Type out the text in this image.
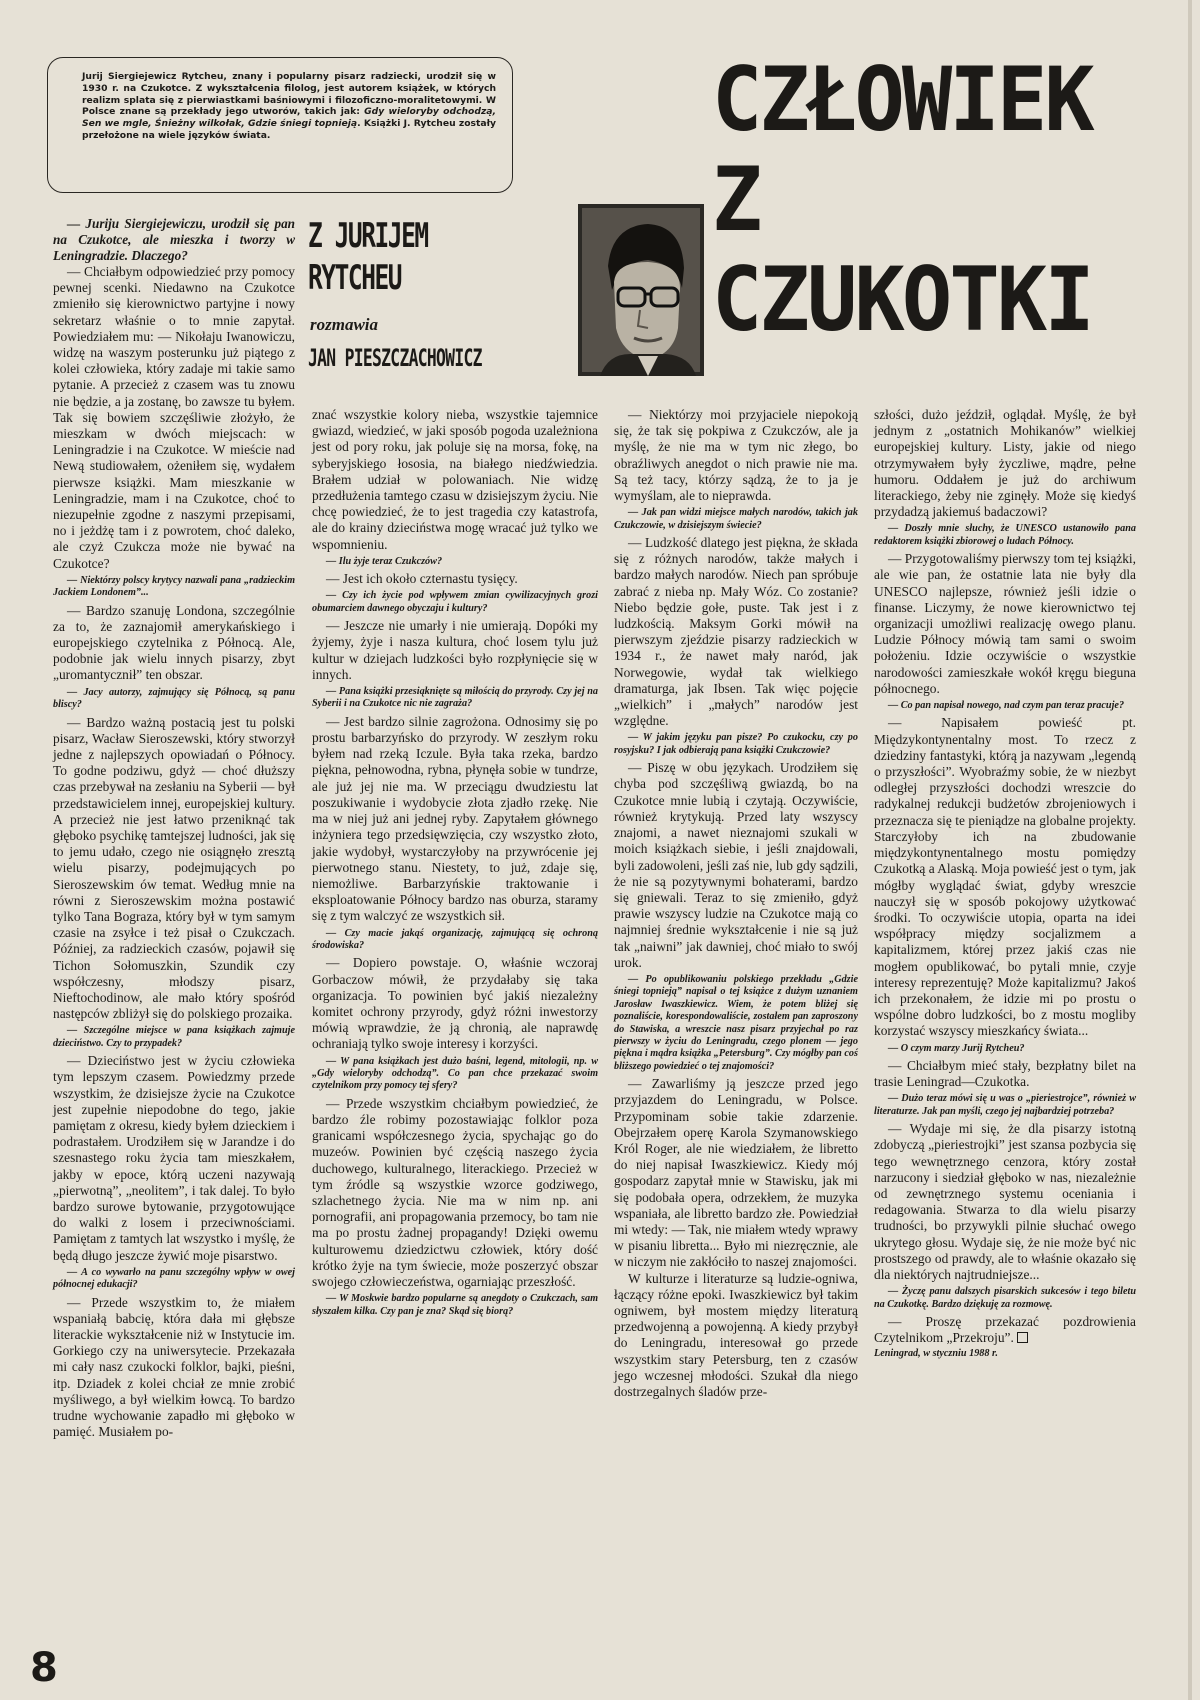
Jurij Siergiejewicz Rytcheu, znany i popularny pisarz radziecki, urodził się w 1930 r. na Czukotce. Z wykształcenia filolog, jest autorem książek, w których realizm splata się z pierwiastkami baśniowymi i filozoficzno-moralitetowymi. W Polsce znane są przekłady jego utworów, takich jak: Gdy wieloryby odchodzą, Sen we mgle, Śnieżny wilkołak, Gdzie śniegi topnieją. Książki J. Rytcheu zostały przełożone na wiele języków świata.	CZŁOWIEK
Z
CZUKOTKI
Z JURIJEM
RYTCHEU
rozmawia
JAN PIESZCZACHOWICZ

— Juriju Siergiejewiczu, urodził się pan na Czukotce, ale mieszka i tworzy w Leningradzie. Dlaczego?

— Chciałbym odpowiedzieć przy pomocy pewnej scenki. Niedawno na Czukotce zmieniło się kierownictwo partyjne i nowy sekretarz właśnie o to mnie zapytał. Powiedziałem mu: — Nikołaju Iwanowiczu, widzę na waszym posterunku już piątego z kolei człowieka, który zadaje mi takie samo pytanie. A przecież z czasem was tu znowu nie będzie, a ja zostanę, bo zawsze tu byłem. Tak się bowiem szczęśliwie złożyło, że mieszkam w dwóch miejscach: w Leningradzie i na Czukotce. W mieście nad Newą studiowałem, ożeniłem się, wydałem pierwsze książki. Mam mieszkanie w Leningradzie, mam i na Czukotce, choć to niezupełnie zgodne z naszymi przepisami, no i jeżdżę tam i z powrotem, choć daleko, ale czyż Czukcza może nie bywać na Czukotce?

— Niektórzy polscy krytycy nazwali pana „radzieckim Jackiem Londonem”...

— Bardzo szanuję Londona, szczególnie za to, że zaznajomił amerykańskiego i europejskiego czytelnika z Północą. Ale, podobnie jak wielu innych pisarzy, zbyt „uromantycznił” ten obszar.

— Jacy autorzy, zajmujący się Północą, są panu bliscy?

— Bardzo ważną postacią jest tu polski pisarz, Wacław Sieroszewski, który stworzył jedne z najlepszych opowiadań o Północy. To godne podziwu, gdyż — choć dłuższy czas przebywał na zesłaniu na Syberii — był przedstawicielem innej, europejskiej kultury. A przecież nie jest łatwo przeniknąć tak głęboko psychikę tamtejszej ludności, jak się to jemu udało, czego nie osiągnęło zresztą wielu pisarzy, podejmujących po Sieroszewskim ów temat. Według mnie na równi z Sieroszewskim można postawić tylko Tana Bograza, który był w tym samym czasie na zsyłce i też pisał o Czukczach. Później, za radzieckich czasów, pojawił się Tichon Sołomuszkin, Szundik czy współczesny, młodszy pisarz, Nieftochodinow, ale mało który spośród następców zbliżył się do polskiego prozaika.

— Szczególne miejsce w pana książkach zajmuje dzieciństwo. Czy to przypadek?

— Dzieciństwo jest w życiu człowieka tym lepszym czasem. Powiedzmy przede wszystkim, że dzisiejsze życie na Czukotce jest zupełnie niepodobne do tego, jakie pamiętam z okresu, kiedy byłem dzieckiem i podrastałem. Urodziłem się w Jarandze i do szesnastego roku życia tam mieszkałem, jakby w epoce, którą uczeni nazywają „pierwotną”, „neolitem”, i tak dalej. To było bardzo surowe bytowanie, przygotowujące do walki z losem i przeciwnościami. Pamiętam z tamtych lat wszystko i myślę, że będą długo jeszcze żywić moje pisarstwo.

— A co wywarło na panu szczególny wpływ w owej północnej edukacji?

— Przede wszystkim to, że miałem wspaniałą babcię, która dała mi głębsze literackie wykształcenie niż w Instytucie im. Gorkiego czy na uniwersytecie. Przekazała mi cały nasz czukocki folklor, bajki, pieśni, itp. Dziadek z kolei chciał ze mnie zrobić myśliwego, a był wielkim łowcą. To bardzo trudne wychowanie zapadło mi głęboko w pamięć. Musiałem po-

znać wszystkie kolory nieba, wszystkie tajemnice gwiazd, wiedzieć, w jaki sposób pogoda uzależniona jest od pory roku, jak poluje się na morsa, fokę, na syberyjskiego łososia, na białego niedźwiedzia. Brałem udział w polowaniach. Nie widzę przedłużenia tamtego czasu w dzisiejszym życiu. Nie chcę powiedzieć, że to jest tragedia czy katastrofa, ale do krainy dzieciństwa mogę wracać już tylko we wspomnieniu.

— Ilu żyje teraz Czukczów?

— Jest ich około czternastu tysięcy.

— Czy ich życie pod wpływem zmian cywilizacyjnych grozi obumarciem dawnego obyczaju i kultury?

— Jeszcze nie umarły i nie umierają. Dopóki my żyjemy, żyje i nasza kultura, choć losem tylu już kultur w dziejach ludzkości było rozpłynięcie się w innych.

— Pana książki przesiąknięte są miłością do przyrody. Czy jej na Syberii i na Czukotce nic nie zagraża?

— Jest bardzo silnie zagrożona. Odnosimy się po prostu barbarzyńsko do przyrody. W zeszłym roku byłem nad rzeką Iczule. Była taka rzeka, bardzo piękna, pełnowodna, rybna, płynęła sobie w tundrze, ale już jej nie ma. W przeciągu dwudziestu lat poszukiwanie i wydobycie złota zjadło rzekę. Nie ma w niej już ani jednej ryby. Zapytałem głównego inżyniera tego przedsięwzięcia, czy wszystko złoto, jakie wydobył, wystarczyłoby na przywrócenie jej pierwotnego stanu. Niestety, to już, zdaje się, niemożliwe. Barbarzyńskie traktowanie i eksploatowanie Północy bardzo nas oburza, staramy się z tym walczyć ze wszystkich sił.

— Czy macie jakąś organizację, zajmującą się ochroną środowiska?

— Dopiero powstaje. O, właśnie wczoraj Gorbaczow mówił, że przydałaby się taka organizacja. To powinien być jakiś niezależny komitet ochrony przyrody, gdyż różni inwestorzy mówią wprawdzie, że ją chronią, ale naprawdę ochraniają tylko swoje interesy i korzyści.

— W pana książkach jest dużo baśni, legend, mitologii, np. w „Gdy wieloryby odchodzą”. Co pan chce przekazać swoim czytelnikom przy pomocy tej sfery?

— Przede wszystkim chciałbym powiedzieć, że bardzo źle robimy pozostawiając folklor poza granicami współczesnego życia, spychając go do muzeów. Powinien być częścią naszego życia duchowego, kulturalnego, literackiego. Przecież w tym źródle są wszystkie wzorce godziwego, szlachetnego życia. Nie ma w nim np. ani pornografii, ani propagowania przemocy, bo tam nie ma po prostu żadnej propagandy! Dzięki owemu kulturowemu dziedzictwu człowiek, który dość krótko żyje na tym świecie, może poszerzyć obszar swojego człowieczeństwa, ogarniając przeszłość.

— W Moskwie bardzo popularne są anegdoty o Czukczach, sam słyszałem kilka. Czy pan je zna? Skąd się biorą?

— Niektórzy moi przyjaciele niepokoją się, że tak się pokpiwa z Czukczów, ale ja myślę, że nie ma w tym nic złego, bo obraźliwych anegdot o nich prawie nie ma. Są też tacy, którzy sądzą, że to ja je wymyślam, ale to nieprawda.

— Jak pan widzi miejsce małych narodów, takich jak Czukczowie, w dzisiejszym świecie?

— Ludzkość dlatego jest piękna, że składa się z różnych narodów, także małych i bardzo małych narodów. Niech pan spróbuje zabrać z nieba np. Mały Wóz. Co zostanie? Niebo będzie gołe, puste. Tak jest i z ludzkością. Maksym Gorki mówił na pierwszym zjeździe pisarzy radzieckich w 1934 r., że nawet mały naród, jak Norwegowie, wydał tak wielkiego dramaturga, jak Ibsen. Tak więc pojęcie „wielkich” i „małych” narodów jest względne.

— W jakim języku pan pisze? Po czukocku, czy po rosyjsku? I jak odbierają pana książki Czukczowie?

— Piszę w obu językach. Urodziłem się chyba pod szczęśliwą gwiazdą, bo na Czukotce mnie lubią i czytają. Oczywiście, również krytykują. Przed laty wszyscy znajomi, a nawet nieznajomi szukali w moich książkach siebie, i jeśli znajdowali, byli zadowoleni, jeśli zaś nie, lub gdy sądzili, że nie są pozytywnymi bohaterami, bardzo się gniewali. Teraz to się zmieniło, gdyż prawie wszyscy ludzie na Czukotce mają co najmniej średnie wykształcenie i nie są już tak „naiwni” jak dawniej, choć miało to swój urok.

— Po opublikowaniu polskiego przekładu „Gdzie śniegi topnieją” napisał o tej książce z dużym uznaniem Jarosław Iwaszkiewicz. Wiem, że potem bliżej się poznaliście, korespondowaliście, zostałem pan zaproszony do Stawiska, a wreszcie nasz pisarz przyjechał po raz pierwszy w życiu do Leningradu, czego plonem — jego piękna i mądra książka „Petersburg”. Czy mógłby pan coś bliższego powiedzieć o tej znajomości?

— Zawarliśmy ją jeszcze przed jego przyjazdem do Leningradu, w Polsce. Przypominam sobie takie zdarzenie. Obejrzałem operę Karola Szymanowskiego Król Roger, ale nie wiedziałem, że libretto do niej napisał Iwaszkiewicz. Kiedy mój gospodarz zapytał mnie w Stawisku, jak mi się podobała opera, odrzekłem, że muzyka wspaniała, ale libretto bardzo złe. Powiedział mi wtedy: — Tak, nie miałem wtedy wprawy w pisaniu libretta... Było mi niezręcznie, ale w niczym nie zakłóciło to naszej znajomości.

W kulturze i literaturze są ludzie-ogniwa, łączący różne epoki. Iwaszkiewicz był takim ogniwem, był mostem między literaturą przedwojenną a powojenną. A kiedy przybył do Leningradu, interesował go przede wszystkim stary Petersburg, ten z czasów jego wczesnej młodości. Szukał dla niego dostrzegalnych śladów prze-

szłości, dużo jeździł, oglądał. Myślę, że był jednym z „ostatnich Mohikanów” wielkiej europejskiej kultury. Listy, jakie od niego otrzymywałem były życzliwe, mądre, pełne humoru. Oddałem je już do archiwum literackiego, żeby nie zginęły. Może się kiedyś przydadzą jakiemuś badaczowi?

— Doszły mnie słuchy, że UNESCO ustanowiło pana redaktorem książki zbiorowej o ludach Północy.

— Przygotowaliśmy pierwszy tom tej książki, ale wie pan, że ostatnie lata nie były dla UNESCO najlepsze, również jeśli idzie o finanse. Liczymy, że nowe kierownictwo tej organizacji umożliwi realizację owego planu. Ludzie Północy mówią tam sami o swoim położeniu. Idzie oczywiście o wszystkie narodowości zamieszkałe wokół kręgu bieguna północnego.

— Co pan napisał nowego, nad czym pan teraz pracuje?

— Napisałem powieść pt. Międzykontynentalny most. To rzecz z dziedziny fantastyki, którą ja nazywam „legendą o przyszłości”. Wyobraźmy sobie, że w niezbyt odległej przyszłości dochodzi wreszcie do radykalnej redukcji budżetów zbrojeniowych i przeznacza się te pieniądze na globalne projekty. Starczyłoby ich na zbudowanie międzykontynentalnego mostu pomiędzy Czukotką a Alaską. Moja powieść jest o tym, jak mógłby wyglądać świat, gdyby wreszcie nauczył się w sposób pokojowy użytkować środki. To oczywiście utopia, oparta na idei współpracy między socjalizmem a kapitalizmem, której przez jakiś czas nie mogłem opublikować, bo pytali mnie, czyje interesy reprezentuję? Może kapitalizmu? Jakoś ich przekonałem, że idzie mi po prostu o wspólne dobro ludzkości, bo z mostu mogliby korzystać wszyscy mieszkańcy świata...

— O czym marzy Jurij Rytcheu?

— Chciałbym mieć stały, bezpłatny bilet na trasie Leningrad—Czukotka.

— Dużo teraz mówi się u was o „pieriestrojce”, również w literaturze. Jak pan myśli, czego jej najbardziej potrzeba?

— Wydaje mi się, że dla pisarzy istotną zdobyczą „pieriestrojki” jest szansa pozbycia się tego wewnętrznego cenzora, który został narzucony i siedział głęboko w nas, niezależnie od zewnętrznego systemu oceniania i redagowania. Stwarza to dla wielu pisarzy trudności, bo przywykli pilnie słuchać owego ukrytego głosu. Wydaje się, że nie może być nic prostszego od prawdy, ale to właśnie okazało się dla niektórych najtrudniejsze...

— Życzę panu dalszych pisarskich sukcesów i tego biletu na Czukotkę. Bardzo dziękuję za rozmowę.

— Proszę przekazać pozdrowienia Czytelnikom „Przekroju”.

Leningrad, w styczniu 1988 r.

8
